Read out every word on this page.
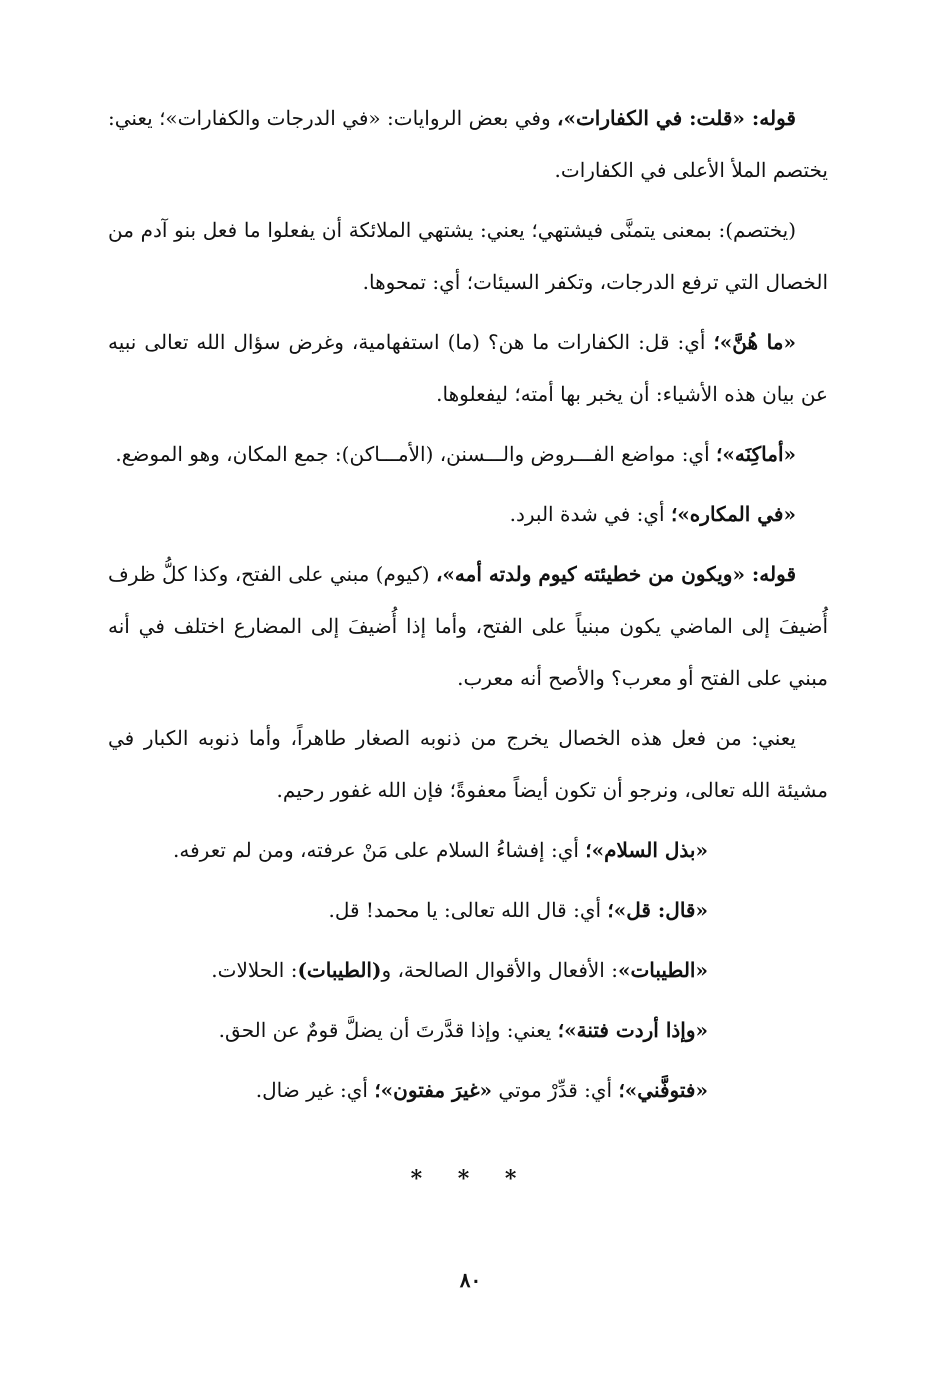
قوله: «قلت: في الكفارات»، وفي بعض الروايات: «في الدرجات والكفارات»؛ يعني: يختصم الملأ الأعلى في الكفارات.

(يختصم): بمعنى يتمنَّى فيشتهي؛ يعني: يشتهي الملائكة أن يفعلوا ما فعل بنو آدم من الخصال التي ترفع الدرجات، وتكفر السيئات؛ أي: تمحوها.

«ما هُنَّ»؛ أي: قل: الكفارات ما هن؟ (ما) استفهامية، وغرض سؤال الله تعالى نبيه عن بيان هذه الأشياء: أن يخبر بها أمته؛ ليفعلوها.

«أماكِنَه»؛ أي: مواضع الفـــروض والـــسنن، (الأمـــاكن): جمع المكان، وهو الموضع.

«في المكاره»؛ أي: في شدة البرد.

قوله: «ويكون من خطيئته كيوم ولدته أمه»، (كيوم) مبني على الفتح، وكذا كلُّ ظرف أُضيفَ إلى الماضي يكون مبنياً على الفتح، وأما إذا أُضيفَ إلى المضارع اختلف في أنه مبني على الفتح أو معرب؟ والأصح أنه معرب.

يعني: من فعل هذه الخصال يخرج من ذنوبه الصغار طاهراً، وأما ذنوبه الكبار في مشيئة الله تعالى، ونرجو أن تكون أيضاً معفوةً؛ فإن الله غفور رحيم.

«بذل السلام»؛ أي: إفشاءُ السلام على مَنْ عرفته، ومن لم تعرفه.

«قال: قل»؛ أي: قال الله تعالى: يا محمد! قل.

«الطيبات»: الأفعال والأقوال الصالحة، و(الطيبات): الحلالات.

«وإذا أردت فتنة»؛ يعني: وإذا قدَّرتَ أن يضلَّ قومٌ عن الحق.

«فتوفَّني»؛ أي: قدِّرْ موتي «غيرَ مفتون»؛ أي: غير ضال.

* * *
٨٠
